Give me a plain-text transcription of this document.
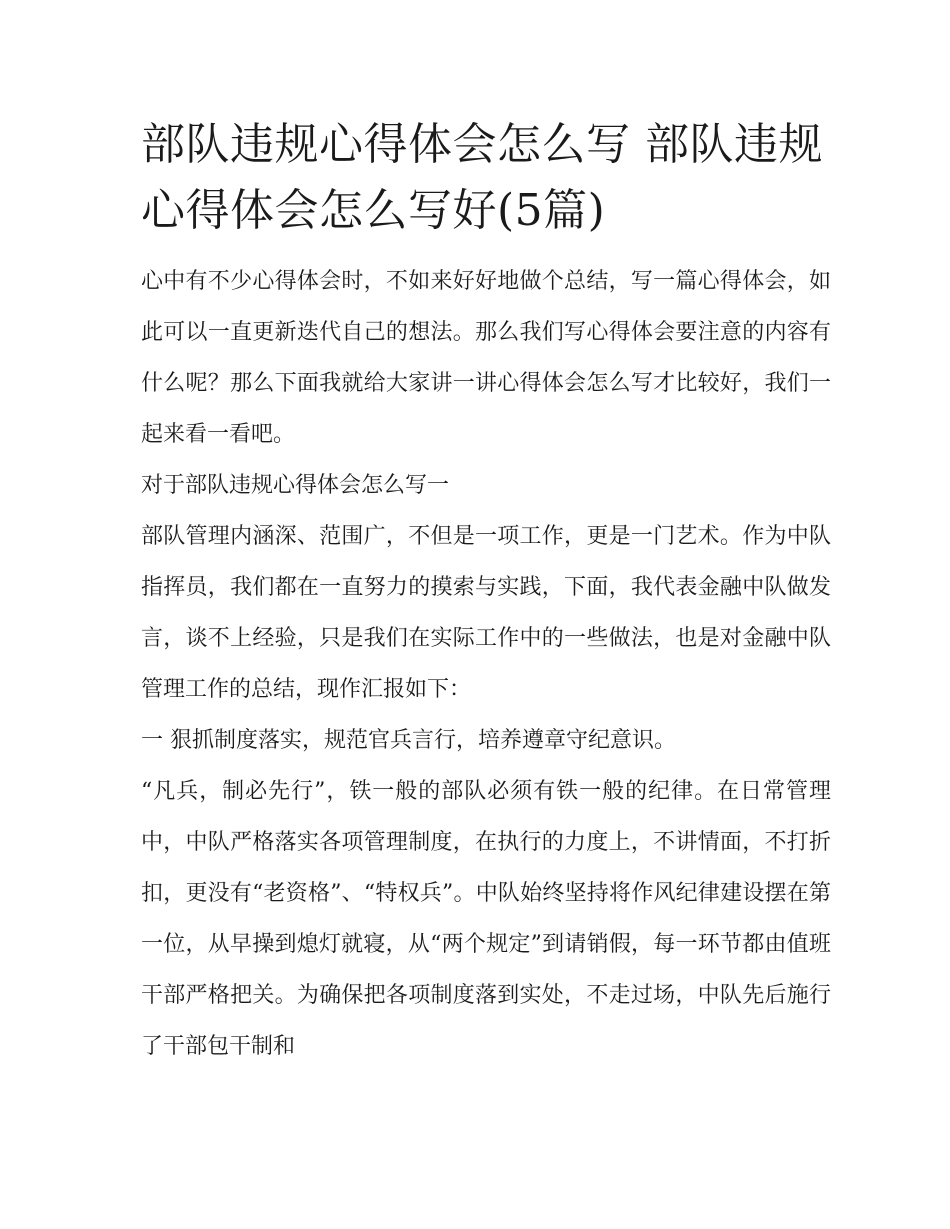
部队违规心得体会怎么写 部队违规心得体会怎么写好(5篇)

心中有不少心得体会时，不如来好好地做个总结，写一篇心得体会，如此可以一直更新迭代自己的想法。那么我们写心得体会要注意的内容有什么呢？那么下面我就给大家讲一讲心得体会怎么写才比较好，我们一起来看一看吧。

对于部队违规心得体会怎么写一

部队管理内涵深、范围广，不但是一项工作，更是一门艺术。作为中队指挥员，我们都在一直努力的摸索与实践，下面，我代表金融中队做发言，谈不上经验，只是我们在实际工作中的一些做法，也是对金融中队管理工作的总结，现作汇报如下：

一 狠抓制度落实，规范官兵言行，培养遵章守纪意识。

“凡兵，制必先行”，铁一般的部队必须有铁一般的纪律。在日常管理中，中队严格落实各项管理制度，在执行的力度上，不讲情面，不打折扣，更没有“老资格”、“特权兵”。中队始终坚持将作风纪律建设摆在第一位，从早操到熄灯就寝，从“两个规定”到请销假，每一环节都由值班干部严格把关。为确保把各项制度落到实处，不走过场，中队先后施行了干部包干制和
